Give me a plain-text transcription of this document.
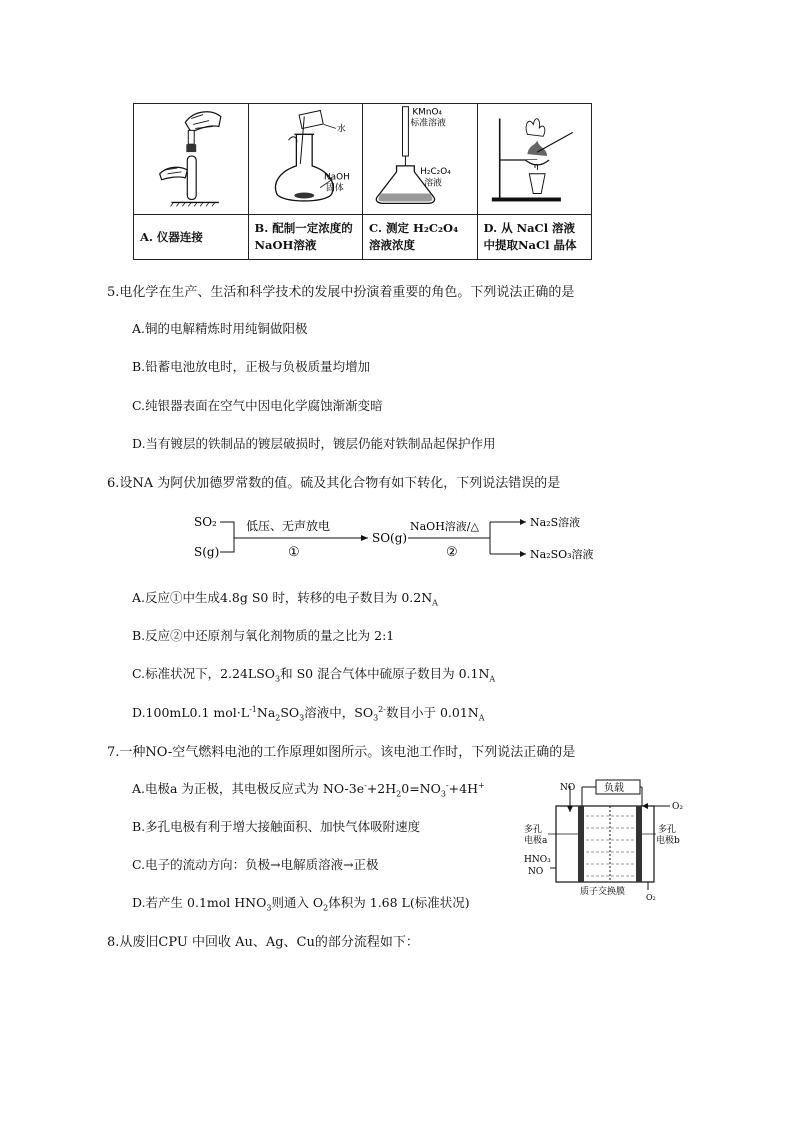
水
NaOH
固体	KMnO₄
标准溶液
H₂C₂O₄
溶液

A. 仪器连接	B. 配制一定浓度的NaOH溶液	C. 测定 H₂C₂O₄ 溶液浓度	D. 从 NaCl 溶液中提取NaCl 晶体
5.电化学在生产、生活和科学技术的发展中扮演着重要的角色。下列说法正确的是
A.铜的电解精炼时用纯铜做阳极
B.铅蓄电池放电时，正极与负极质量均增加
C.纯银器表面在空气中因电化学腐蚀渐渐变暗
D.当有镀层的铁制品的镀层破损时，镀层仍能对铁制品起保护作用
6.设NA 为阿伏加德罗常数的值。硫及其化合物有如下转化，下列说法错误的是
SO₂
S(g)
低压、无声放电
①
SO(g)
NaOH溶液/△
②
Na₂S溶液
Na₂SO₃溶液
A.反应①中生成4.8g S0 时，转移的电子数目为 $0.2N_A$
B.反应②中还原剂与氧化剂物质的量之比为 2:1
C.标准状况下，$2.24LSO_3$和 S0 混合气体中硫原子数目为 $0.1N_A$
D.100mL0.1 $mol\cdot L^{-1}Na_2SO_3$溶液中，$SO_3^{2-}$数目小于 $0.01N_A$
7.一种NO-空气燃料电池的工作原理如图所示。该电池工作时，下列说法正确的是
A.电极a 为正极，其电极反应式为 $NO-3e^-+2H_20=NO_3^-+4H^+$
B.多孔电极有利于增大接触面积、加快气体吸附速度
C.电子的流动方向：负极→电解质溶液→正极
D.若产生 0.1mol $HNO_3$则通入 $O_2$体积为 1.68 L(标准状况)
负载
NO
O₂
多孔
电极a
多孔
电极b
HNO₃
NO
质子交换膜
O₂
8.从废旧CPU 中回收 Au、Ag、Cu的部分流程如下：
